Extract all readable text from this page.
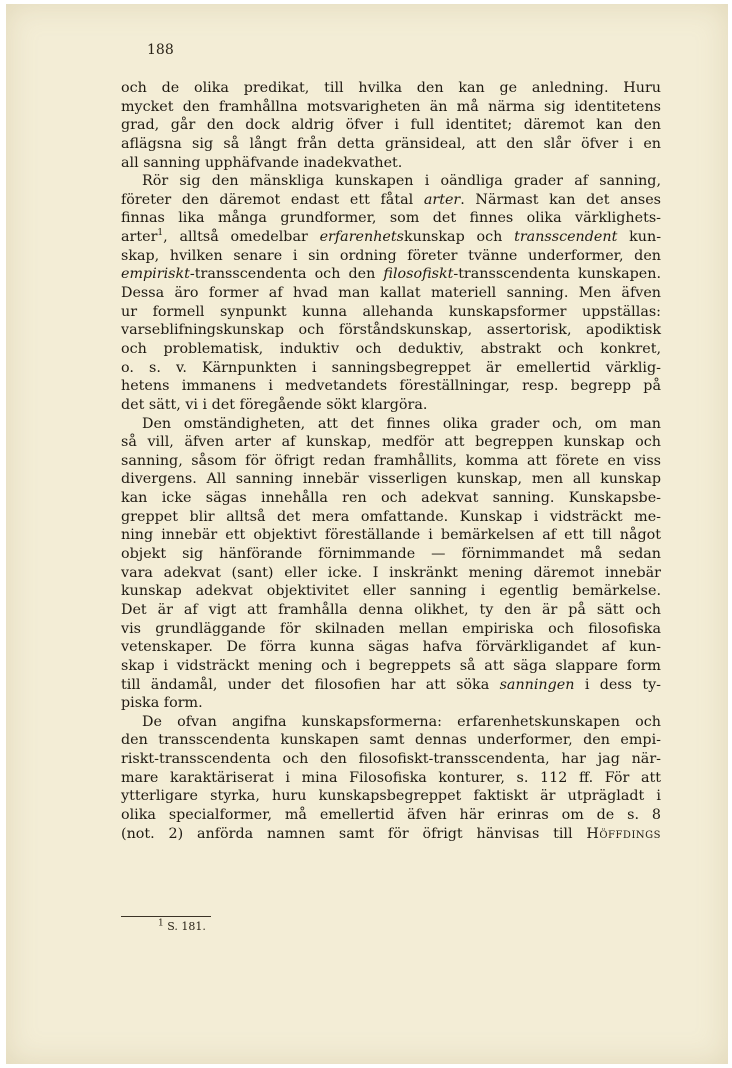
188
och de olika predikat, till hvilka den kan ge anledning. Huru
mycket den framhållna motsvarigheten än må närma sig identitetens
grad, går den dock aldrig öfver i full identitet; däremot kan den
aflägsna sig så långt från detta gränsideal, att den slår öfver i en
all sanning upphäfvande inadekvathet.
Rör sig den mänskliga kunskapen i oändliga grader af sanning,
företer den däremot endast ett fåtal arter. Närmast kan det anses
finnas lika många grundformer, som det finnes olika värklighets-
arter$^1$, alltså omedelbar erfarenhetskunskap och transscendent kun-
skap, hvilken senare i sin ordning företer tvänne underformer, den
empiriskt-transscendenta och den filosofiskt-transscendenta kunskapen.
Dessa äro former af hvad man kallat materiell sanning. Men äfven
ur formell synpunkt kunna allehanda kunskapsformer uppställas:
varseblifningskunskap och förståndskunskap, assertorisk, apodiktisk
och problematisk, induktiv och deduktiv, abstrakt och konkret,
o. s. v. Kärnpunkten i sanningsbegreppet är emellertid värklig-
hetens immanens i medvetandets föreställningar, resp. begrepp på
det sätt, vi i det föregående sökt klargöra.
Den omständigheten, att det finnes olika grader och, om man
så vill, äfven arter af kunskap, medför att begreppen kunskap och
sanning, såsom för öfrigt redan framhållits, komma att förete en viss
divergens. All sanning innebär visserligen kunskap, men all kunskap
kan icke sägas innehålla ren och adekvat sanning. Kunskapsbe-
greppet blir alltså det mera omfattande. Kunskap i vidsträckt me-
ning innebär ett objektivt föreställande i bemärkelsen af ett till något
objekt sig hänförande förnimmande — förnimmandet må sedan
vara adekvat (sant) eller icke. I inskränkt mening däremot innebär
kunskap adekvat objektivitet eller sanning i egentlig bemärkelse.
Det är af vigt att framhålla denna olikhet, ty den är på sätt och
vis grundläggande för skilnaden mellan empiriska och filosofiska
vetenskaper. De förra kunna sägas hafva förvärkligandet af kun-
skap i vidsträckt mening och i begreppets så att säga slappare form
till ändamål, under det filosofien har att söka sanningen i dess ty-
piska form.
De ofvan angifna kunskapsformerna: erfarenhetskunskapen och
den transscendenta kunskapen samt dennas underformer, den empi-
riskt-transscendenta och den filosofiskt-transscendenta, har jag när-
mare karaktäriserat i mina Filosofiska konturer, s. 112 ff. För att
ytterligare styrka, huru kunskapsbegreppet faktiskt är utprägladt i
olika specialformer, må emellertid äfven här erinras om de s. 8
(not. 2) anförda namnen samt för öfrigt hänvisas till Höffdings
$^1$ S. 181.
